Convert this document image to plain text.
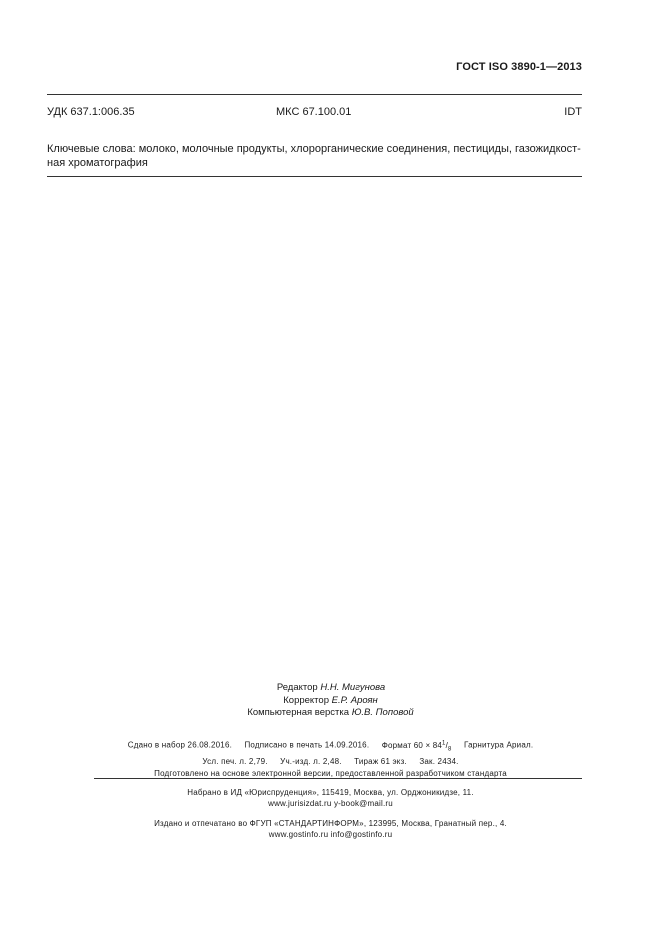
ГОСТ ISO 3890-1—2013
УДК 637.1:006.35	МКС 67.100.01	IDT
Ключевые слова: молоко, молочные продукты, хлорорганические соединения, пестициды, газожидкост-
ная хроматография
Редактор Н.Н. Мигунова
Корректор Е.Р. Ароян
Компьютерная верстка Ю.В. Поповой
Сдано в набор 26.08.2016. Подписано в печать 14.09.2016. Формат $60 \times 84^1/_8$ Гарнитура Ариал.
Усл. печ. л. 2,79. Уч.-изд. л. 2,48. Тираж 61 экз. Зак. 2434.
Подготовлено на основе электронной версии, предоставленной разработчиком стандарта
Набрано в ИД «Юриспруденция», 115419, Москва, ул. Орджоникидзе, 11.
www.jurisizdat.ru y-book@mail.ru
Издано и отпечатано во ФГУП «СТАНДАРТИНФОРМ», 123995, Москва, Гранатный пер., 4.
www.gostinfo.ru info@gostinfo.ru
